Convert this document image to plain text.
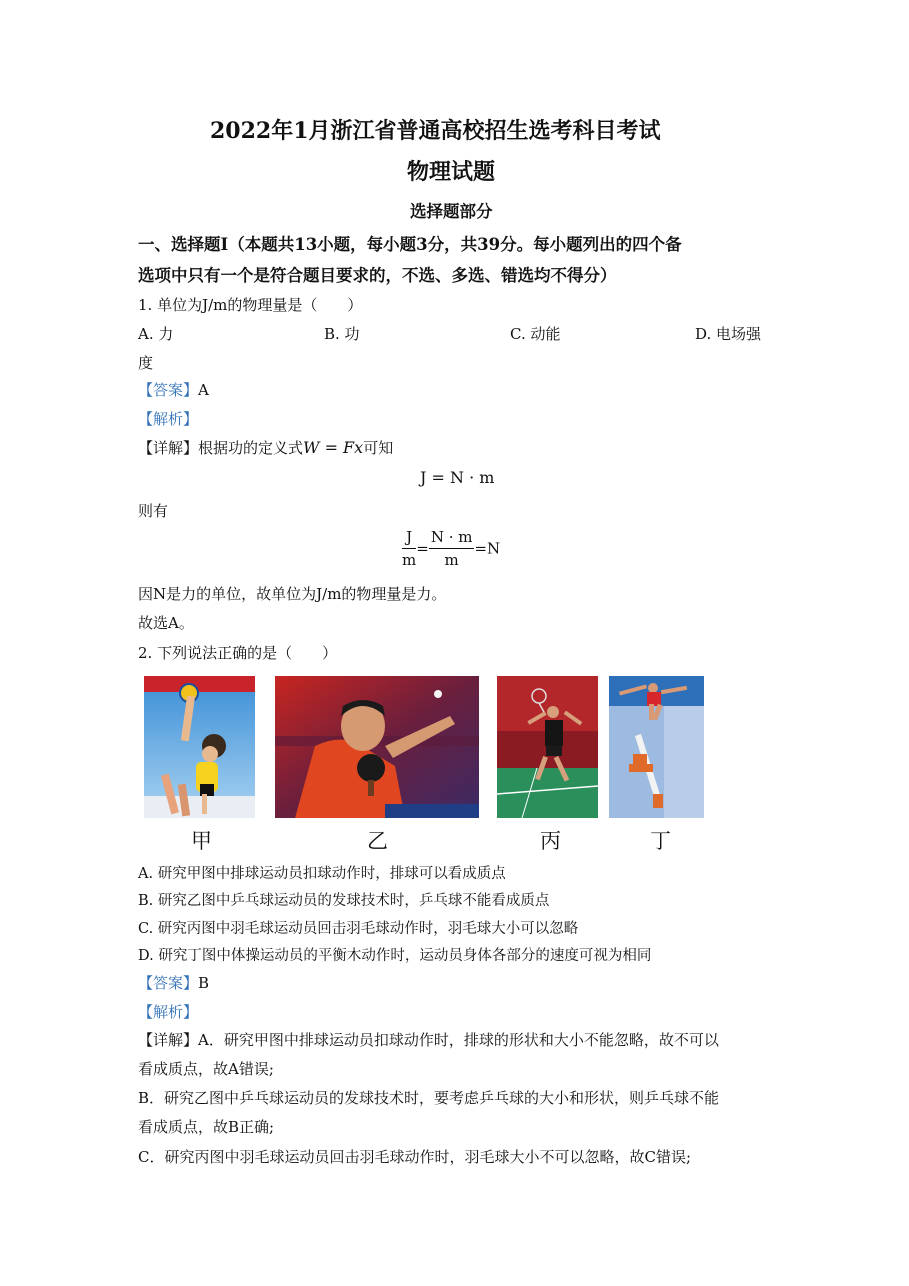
2022年1月浙江省普通高校招生选考科目考试
物理试题
选择题部分
一、选择题Ⅰ（本题共13小题，每小题3分，共39分。每小题列出的四个备
选项中只有一个是符合题目要求的，不选、多选、错选均不得分）
1. 单位为J/m的物理量是（　　）
A. 力	B. 功	C. 动能	D. 电场强
度
【答案】A
【解析】
【详解】根据功的定义式W = Fx可知
J = N · m
则有
$\frac{J}{m} = \frac{N \cdot m}{m} =N$
因N是力的单位，故单位为J/m的物理量是力。
故选A。
2. 下列说法正确的是（　　）
甲	乙	丙	丁
A. 研究甲图中排球运动员扣球动作时，排球可以看成质点
B. 研究乙图中乒乓球运动员的发球技术时，乒乓球不能看成质点
C. 研究丙图中羽毛球运动员回击羽毛球动作时，羽毛球大小可以忽略
D. 研究丁图中体操运动员的平衡木动作时，运动员身体各部分的速度可视为相同
【答案】B
【解析】
【详解】A．研究甲图中排球运动员扣球动作时，排球的形状和大小不能忽略，故不可以
看成质点，故A错误;
B．研究乙图中乒乓球运动员的发球技术时，要考虑乒乓球的大小和形状，则乒乓球不能
看成质点，故B正确;
C．研究丙图中羽毛球运动员回击羽毛球动作时，羽毛球大小不可以忽略，故C错误;
